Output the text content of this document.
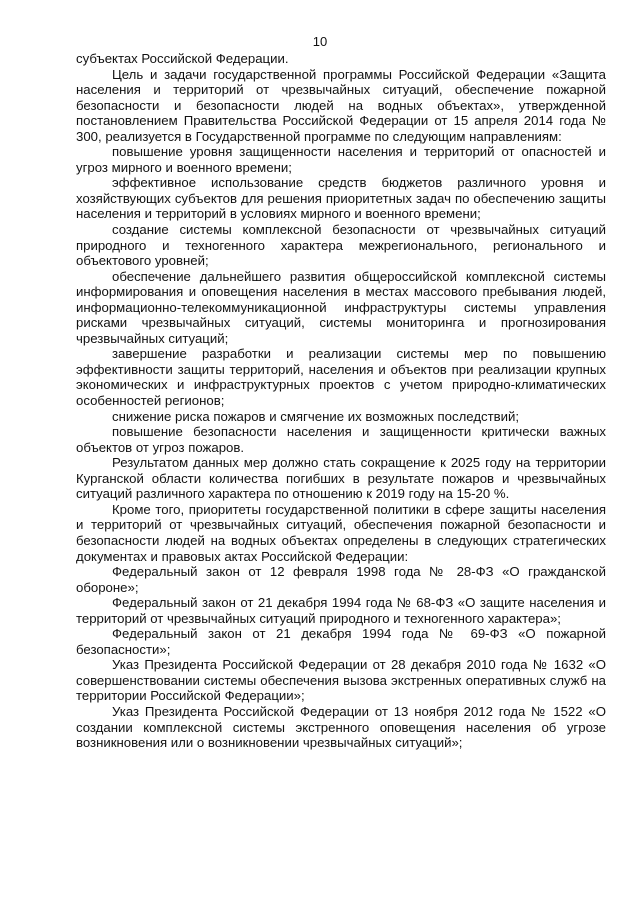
10

субъектах Российской Федерации.

Цель и задачи государственной программы Российской Федерации «Защита населения и территорий от чрезвычайных ситуаций, обеспечение пожарной безопасности и безопасности людей на водных объектах», утвержденной постановлением Правительства Российской Федерации от 15 апреля 2014 года № 300, реализуется в Государственной программе по следующим направлениям:

повышение уровня защищенности населения и территорий от опасностей и угроз мирного и военного времени;

эффективное использование средств бюджетов различного уровня и хозяйствующих субъектов для решения приоритетных задач по обеспечению защиты населения и территорий в условиях мирного и военного времени;

создание системы комплексной безопасности от чрезвычайных ситуаций природного и техногенного характера межрегионального, регионального и объектового уровней;

обеспечение дальнейшего развития общероссийской комплексной системы информирования и оповещения населения в местах массового пребывания людей, информационно-телекоммуникационной инфраструктуры системы управления рисками чрезвычайных ситуаций, системы мониторинга и прогнозирования чрезвычайных ситуаций;

завершение разработки и реализации системы мер по повышению эффективности защиты территорий, населения и объектов при реализации крупных экономических и инфраструктурных проектов с учетом природно-климатических особенностей регионов;

снижение риска пожаров и смягчение их возможных последствий;

повышение безопасности населения и защищенности критически важных объектов от угроз пожаров.

Результатом данных мер должно стать сокращение к 2025 году на территории Курганской области количества погибших в результате пожаров и чрезвычайных ситуаций различного характера по отношению к 2019 году на 15-20 %.

Кроме того, приоритеты государственной политики в сфере защиты населения и территорий от чрезвычайных ситуаций, обеспечения пожарной безопасности и безопасности людей на водных объектах определены в следующих стратегических документах и правовых актах Российской Федерации:

Федеральный закон от 12 февраля 1998 года № 28-ФЗ «О гражданской обороне»;

Федеральный закон от 21 декабря 1994 года № 68-ФЗ «О защите населения и территорий от чрезвычайных ситуаций природного и техногенного характера»;

Федеральный закон от 21 декабря 1994 года № 69-ФЗ «О пожарной безопасности»;

Указ Президента Российской Федерации от 28 декабря 2010 года № 1632 «О совершенствовании системы обеспечения вызова экстренных оперативных служб на территории Российской Федерации»;

Указ Президента Российской Федерации от 13 ноября 2012 года № 1522 «О создании комплексной системы экстренного оповещения населения об угрозе возникновения или о возникновении чрезвычайных ситуаций»;
